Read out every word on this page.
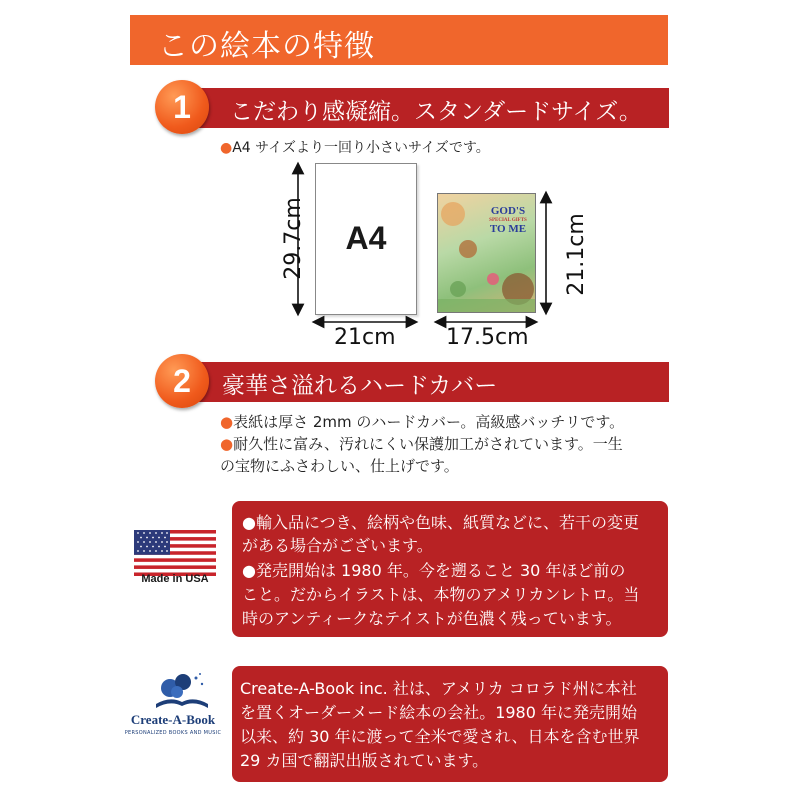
この絵本の特徴
1	こだわり感凝縮。スタンダードサイズ。
●A4 サイズより一回り小さいサイズです。
A4
29.7cm
21cm
21.1cm
17.5cm
GOD'S
SPECIAL GIFTS
TO ME
2	豪華さ溢れるハードカバー
●表紙は厚さ 2mm のハードカバー。高級感バッチリです。
●耐久性に富み、汚れにくい保護加工がされています。一生
の宝物にふさわしい、仕上げです。
Made in USA
●輸入品につき、絵柄や色味、紙質などに、若干の変更
がある場合がございます。
●発売開始は 1980 年。今を遡ること 30 年ほど前の
こと。だからイラストは、本物のアメリカンレトロ。当
時のアンティークなテイストが色濃く残っています。
Create-A-Book
PERSONALIZED BOOKS AND MUSIC
Create-A-Book inc. 社は、アメリカ コロラド州に本社
を置くオーダーメード絵本の会社。1980 年に発売開始
以来、約 30 年に渡って全米で愛され、日本を含む世界
29 カ国で翻訳出版されています。
